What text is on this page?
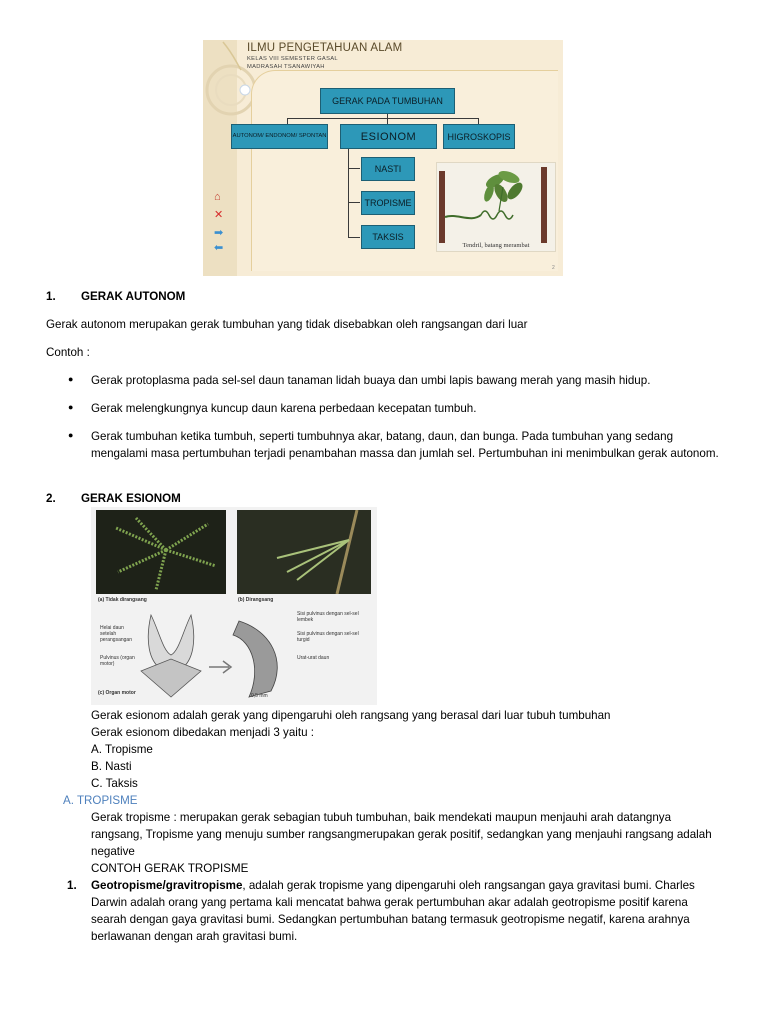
ILMU PENGETAHUAN ALAM
KELAS VIII SEMESTER GASAL
MADRASAH TSANAWIYAH
GERAK PADA TUMBUHAN
AUTONOM/ ENDONOM/ SPONTAN	ESIONOM	HIGROSKOPIS
NASTI
TROPISME
TAKSIS
Tendril, batang merambat
⌂
✕
➡
⬅
2
1. GERAK AUTONOM
Gerak autonom merupakan gerak tumbuhan yang tidak disebabkan oleh rangsangan dari luar
Contoh :
● Gerak protoplasma pada sel-sel daun tanaman lidah buaya dan umbi lapis bawang merah yang masih hidup.
● Gerak melengkungnya kuncup daun karena perbedaan kecepatan tumbuh.
● Gerak tumbuhan ketika tumbuh, seperti tumbuhnya akar, batang, daun, dan bunga. Pada tumbuhan yang sedang mengalami masa pertumbuhan terjadi penambahan massa dan jumlah sel. Pertumbuhan ini menimbulkan gerak autonom.
2. GERAK ESIONOM
(a) Tidak dirangsang	(b) Dirangsang
Helai daun setelah perangsangan
Pulvinus (organ motor)
Sisi pulvinus dengan sel-sel lembek
Sisi pulvinus dengan sel-sel turgid
Urat-urat daun
(c) Organ motor	0,5 mm
Gerak esionom adalah gerak yang dipengaruhi oleh rangsang yang berasal dari luar tubuh tumbuhan
Gerak esionom dibedakan menjadi 3 yaitu :
A. Tropisme
B. Nasti
C. Taksis
A. TROPISME
Gerak tropisme : merupakan gerak sebagian tubuh tumbuhan, baik mendekati maupun menjauhi arah datangnya rangsang, Tropisme yang menuju sumber rangsangmerupakan gerak positif, sedangkan yang menjauhi rangsang adalah negative
CONTOH GERAK TROPISME
1. Geotropisme/gravitropisme, adalah gerak tropisme yang dipengaruhi oleh rangsangan gaya gravitasi bumi. Charles Darwin adalah orang yang pertama kali mencatat bahwa gerak pertumbuhan akar adalah geotropisme positif karena searah dengan gaya gravitasi bumi. Sedangkan pertumbuhan batang termasuk geotropisme negatif, karena arahnya berlawanan dengan arah gravitasi bumi.
